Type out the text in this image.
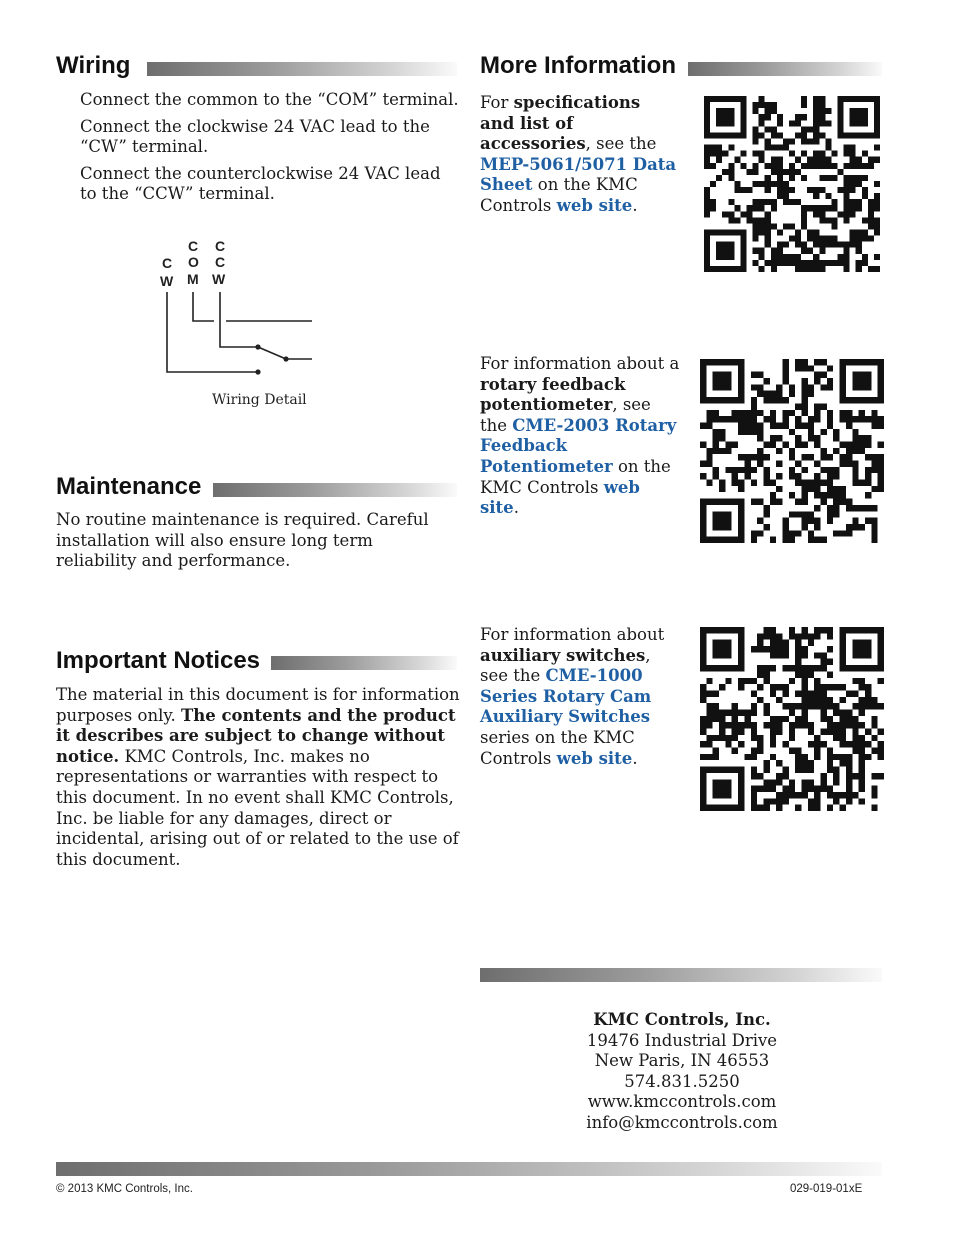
Wiring

Connect the common to the “COM” terminal.

Connect the clockwise 24 VAC lead to the “CW” terminal.

Connect the counterclockwise 24 VAC lead to the “CCW” terminal.

C
W
C
O
M
C
C
W
Wiring Detail
Maintenance
No routine maintenance is required. Careful installation will also ensure long term reliability and performance.
Important Notices
The material in this document is for information purposes only. The contents and the product it describes are subject to change without notice. KMC Controls, Inc. makes no representations or warranties with respect to this document. In no event shall KMC Controls, Inc. be liable for any damages, direct or incidental, arising out of or related to the use of this document.
More Information
For specifications and list of accessories, see the MEP-5061/5071 Data Sheet on the KMC Controls web site.
For information about a rotary feedback potentiometer, see the CME-2003 Rotary Feedback Potentiometer on the KMC Controls web site.
For information about auxiliary switches, see the CME-1000 Series Rotary Cam Auxiliary Switches series on the KMC Controls web site.
KMC Controls, Inc.
19476 Industrial Drive
New Paris, IN 46553
574.831.5250
www.kmccontrols.com
info@kmccontrols.com
© 2013 KMC Controls, Inc.	029-019-01xE
